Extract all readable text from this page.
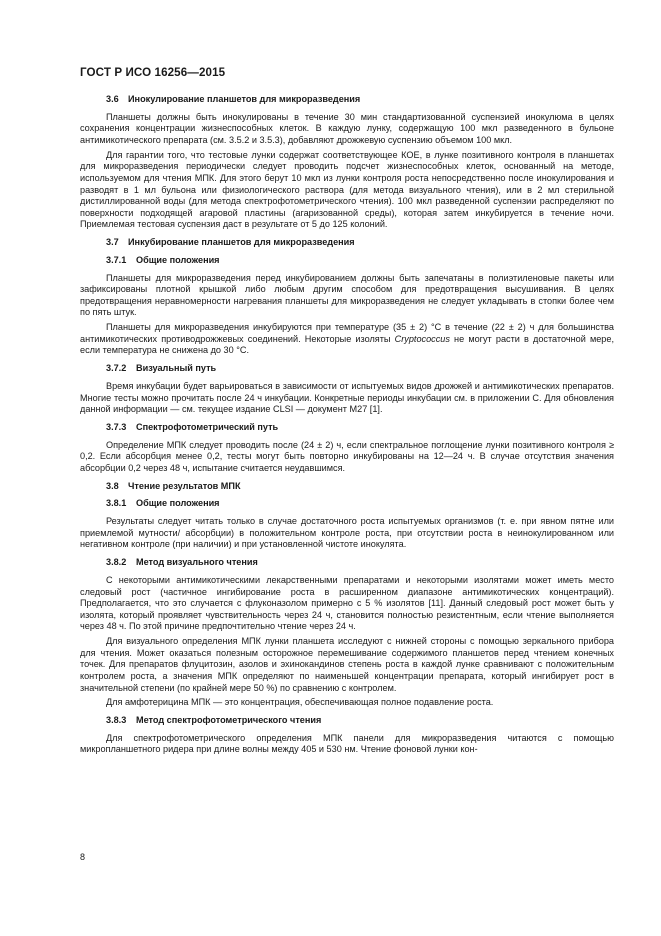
ГОСТ Р ИСО 16256—2015
3.6 Инокулирование планшетов для микроразведения

Планшеты должны быть инокулированы в течение 30 мин стандартизованной суспензией инокулюма в целях сохранения концентрации жизнеспособных клеток. В каждую лунку, содержащую 100 мкл разведенного в бульоне антимикотического препарата (см. 3.5.2 и 3.5.3), добавляют дрожжевую суспензию объемом 100 мкл.

Для гарантии того, что тестовые лунки содержат соответствующее КОЕ, в лунке позитивного контроля в планшетах для микроразведения периодически следует проводить подсчет жизнеспособных клеток, основанный на методе, используемом для чтения МПК. Для этого берут 10 мкл из лунки контроля роста непосредственно после инокулирования и разводят в 1 мл бульона или физиологического раствора (для метода визуального чтения), или в 2 мл стерильной дистиллированной воды (для метода спектрофотометрического чтения). 100 мкл разведенной суспензии распределяют по поверхности подходящей агаровой пластины (агаризованной среды), которая затем инкубируется в течение ночи. Приемлемая тестовая суспензия даст в результате от 5 до 125 колоний.

3.7 Инкубирование планшетов для микроразведения
3.7.1 Общие положения

Планшеты для микроразведения перед инкубированием должны быть запечатаны в полиэтиленовые пакеты или зафиксированы плотной крышкой либо любым другим способом для предотвращения высушивания. В целях предотвращения неравномерности нагревания планшеты для микроразведения не следует укладывать в стопки более чем по пять штук.

Планшеты для микроразведения инкубируются при температуре (35 ± 2) °С в течение (22 ± 2) ч для большинства антимикотических противодрожжевых соединений. Некоторые изоляты Cryptococcus не могут расти в достаточной мере, если температура не снижена до 30 °С.

3.7.2 Визуальный путь

Время инкубации будет варьироваться в зависимости от испытуемых видов дрожжей и антимикотических препаратов. Многие тесты можно прочитать после 24 ч инкубации. Конкретные периоды инкубации см. в приложении С. Для обновления данной информации — см. текущее издание CLSI — документ М27 [1].

3.7.3 Спектрофотометрический путь

Определение МПК следует проводить после (24 ± 2) ч, если спектральное поглощение лунки позитивного контроля ≥ 0,2. Если абсорбция менее 0,2, тесты могут быть повторно инкубированы на 12—24 ч. В случае отсутствия значения абсорбции 0,2 через 48 ч, испытание считается неудавшимся.

3.8 Чтение результатов МПК
3.8.1 Общие положения

Результаты следует читать только в случае достаточного роста испытуемых организмов (т. е. при явном пятне или приемлемой мутности/ абсорбции) в положительном контроле роста, при отсутствии роста в неинокулированном или негативном контроле (при наличии) и при установленной чистоте инокулята.

3.8.2 Метод визуального чтения

С некоторыми антимикотическими лекарственными препаратами и некоторыми изолятами может иметь место следовый рост (частичное ингибирование роста в расширенном диапазоне антимикотических концентраций). Предполагается, что это случается с флуконазолом примерно с 5 % изолятов [11]. Данный следовый рост может быть у изолята, который проявляет чувствительность через 24 ч, становится полностью резистентным, если чтение выполняется через 48 ч. По этой причине предпочтительно чтение через 24 ч.

Для визуального определения МПК лунки планшета исследуют с нижней стороны с помощью зеркального прибора для чтения. Может оказаться полезным осторожное перемешивание содержимого планшетов перед чтением конечных точек. Для препаратов флуцитозин, азолов и эхинокандинов степень роста в каждой лунке сравнивают с положительным контролем роста, а значения МПК определяют по наименьшей концентрации препарата, который ингибирует рост в значительной степени (по крайней мере 50 %) по сравнению с контролем.

Для амфотерицина МПК — это концентрация, обеспечивающая полное подавление роста.

3.8.3 Метод спектрофотометрического чтения

Для спектрофотометрического определения МПК панели для микроразведения читаются с помощью микропланшетного ридера при длине волны между 405 и 530 нм. Чтение фоновой лунки кон-

8
